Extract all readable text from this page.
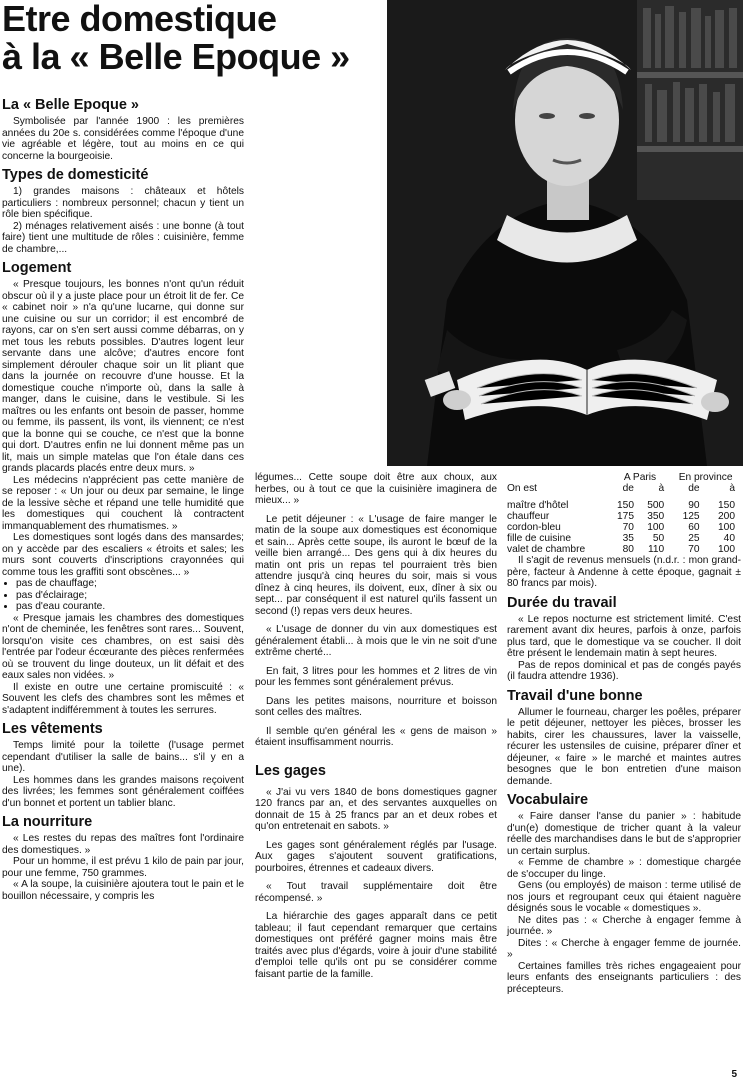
Etre domestique
à la « Belle Epoque »
La « Belle Epoque »

Symbolisée par l'année 1900 : les premières années du 20e s. considérées comme l'époque d'une vie agréable et légère, tout au moins en ce qui concerne la bourgeoisie.

Types de domesticité

1) grandes maisons : châteaux et hôtels particuliers : nombreux personnel; chacun y tient un rôle bien spécifique.

2) ménages relativement aisés : une bonne (à tout faire) tient une multitude de rôles : cuisinière, femme de chambre,...

Logement

« Presque toujours, les bonnes n'ont qu'un réduit obscur où il y a juste place pour un étroit lit de fer. Ce « cabinet noir » n'a qu'une lucarne, qui donne sur une cuisine ou sur un corridor; il est encombré de rayons, car on s'en sert aussi comme débarras, on y met tous les rebuts possibles. D'autres logent leur servante dans une alcôve; d'autres encore font simplement dérouler chaque soir un lit pliant que dans la journée on recouvre d'une housse. Et la domestique couche n'importe où, dans la salle à manger, dans le cuisine, dans le vestibule. Si les maîtres ou les enfants ont besoin de passer, homme ou femme, ils passent, ils vont, ils viennent; ce n'est que la bonne qui se couche, ce n'est que la bonne qui dort. D'autres enfin ne lui donnent même pas un lit, mais un simple matelas que l'on étale dans ces grands placards placés entre deux murs. »

Les médecins n'apprécient pas cette manière de se reposer : « Un jour ou deux par semaine, le linge de la lessive sèche et répand une telle humidité que les domestiques qui couchent là contractent immanquablement des rhumatismes. »

Les domestiques sont logés dans des mansardes; on y accède par des escaliers « étroits et sales; les murs sont couverts d'inscriptions crayonnées qui comme tous les graffiti sont obscènes... »

• pas de chauffage;
• pas d'éclairage;
• pas d'eau courante.

« Presque jamais les chambres des domestiques n'ont de cheminée, les fenêtres sont rares... Souvent, lorsqu'on visite ces chambres, on est saisi dès l'entrée par l'odeur écœurante des pièces renfermées où se trouvent du linge douteux, un lit défait et des eaux sales non vidées. »

Il existe en outre une certaine promiscuité : « Souvent les clefs des chambres sont les mêmes et s'adaptent indifféremment à toutes les serrures.

Les vêtements

Temps limité pour la toilette (l'usage permet cependant d'utiliser la salle de bains... s'il y en a une).

Les hommes dans les grandes maisons reçoivent des livrées; les femmes sont généralement coiffées d'un bonnet et portent un tablier blanc.

La nourriture

« Les restes du repas des maîtres font l'ordinaire des domestiques. »

Pour un homme, il est prévu 1 kilo de pain par jour, pour une femme, 750 grammes.

« A la soupe, la cuisinière ajoutera tout le pain et le bouillon nécessaire, y compris les

légumes... Cette soupe doit être aux choux, aux herbes, ou à tout ce que la cuisinière imaginera de mieux... »

Le petit déjeuner : « L'usage de faire manger le matin de la soupe aux domestiques est économique et sain... Après cette soupe, ils auront le bœuf de la veille bien arrangé... Des gens qui à dix heures du matin ont pris un repas tel pourraient très bien attendre jusqu'à cinq heures du soir, mais si vous dînez à cinq heures, ils doivent, eux, dîner à six ou sept... par conséquent il est naturel qu'ils fassent un second (!) repas vers deux heures.

« L'usage de donner du vin aux domestiques est généralement établi... à mois que le vin ne soit d'une extrême cherté...

En fait, 3 litres pour les hommes et 2 litres de vin pour les femmes sont généralement prévus.

Dans les petites maisons, nourriture et boisson sont celles des maîtres.

Il semble qu'en général les « gens de maison » étaient insuffisamment nourris.

Les gages

« J'ai vu vers 1840 de bons domestiques gagner 120 francs par an, et des servantes auxquelles on donnait de 15 à 25 francs par an et deux robes et qu'on entretenait en sabots. »

Les gages sont généralement réglés par l'usage. Aux gages s'ajoutent souvent gratifications, pourboires, étrennes et cadeaux divers.

« Tout travail supplémentaire doit être récompensé. »

La hiérarchie des gages apparaît dans ce petit tableau; il faut cependant remarquer que certains domestiques ont préféré gagner moins mais être traités avec plus d'égards, voire à jouir d'une stabilité d'emploi telle qu'ils ont pu se considérer comme faisant partie de la famille.

	A Paris		En province	
On est	de	à	de	à

maître d'hôtel	150	500	90	150
chauffeur	175	350	125	200
cordon-bleu	70	100	60	100
fille de cuisine	35	50	25	40
valet de chambre	80	110	70	100

Il s'agit de revenus mensuels (n.d.r. : mon grand-père, facteur à Andenne à cette époque, gagnait ± 80 francs par mois).

Durée du travail

« Le repos nocturne est strictement limité. C'est rarement avant dix heures, parfois à onze, parfois plus tard, que le domestique va se coucher. Il doit être présent le lendemain matin à sept heures.

Pas de repos dominical et pas de congés payés (il faudra attendre 1936).

Travail d'une bonne

Allumer le fourneau, charger les poêles, préparer le petit déjeuner, nettoyer les pièces, brosser les habits, cirer les chaussures, laver la vaisselle, récurer les ustensiles de cuisine, préparer dîner et déjeuner, « faire » le marché et maintes autres besognes que le bon entretien d'une maison demande.

Vocabulaire

« Faire danser l'anse du panier » : habitude d'un(e) domestique de tricher quant à la valeur réelle des marchandises dans le but de s'approprier un certain surplus.

« Femme de chambre » : domestique chargée de s'occuper du linge.

Gens (ou employés) de maison : terme utilisé de nos jours et regroupant ceux qui étaient naguère désignés sous le vocable « domestiques ».

Ne dites pas : « Cherche à engager femme à journée. »

Dites : « Cherche à engager femme de journée. »

Certaines familles très riches engageaient pour leurs enfants des enseignants particuliers : des précepteurs.

5
